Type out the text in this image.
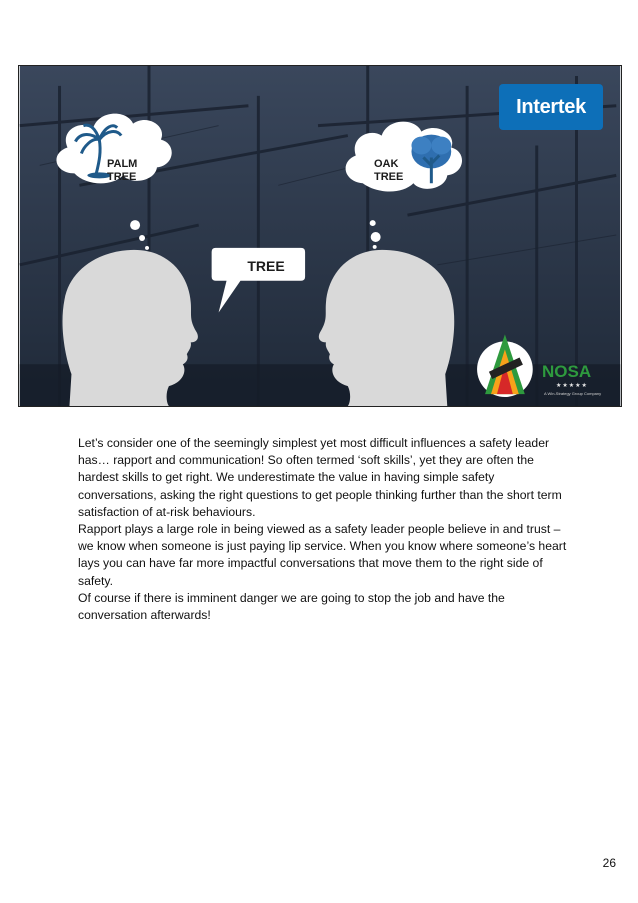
Intertek
PALM
TREE
OAK
TREE
TREE
NOSA
★★★★★
A Win-Strategy Group Company

Let’s consider one of the seemingly simplest yet most difficult influences a safety leader has… rapport and communication! So often termed ‘soft skills’, yet they are often the hardest skills to get right. We underestimate the value in having simple safety conversations, asking the right questions to get people thinking further than the short term satisfaction of at-risk behaviours.

Rapport plays a large role in being viewed as a safety leader people believe in and trust – we know when someone is just paying lip service. When you know where someone’s heart lays you can have far more impactful conversations that move them to the right side of safety.

Of course if there is imminent danger we are going to stop the job and have the conversation afterwards!

26
